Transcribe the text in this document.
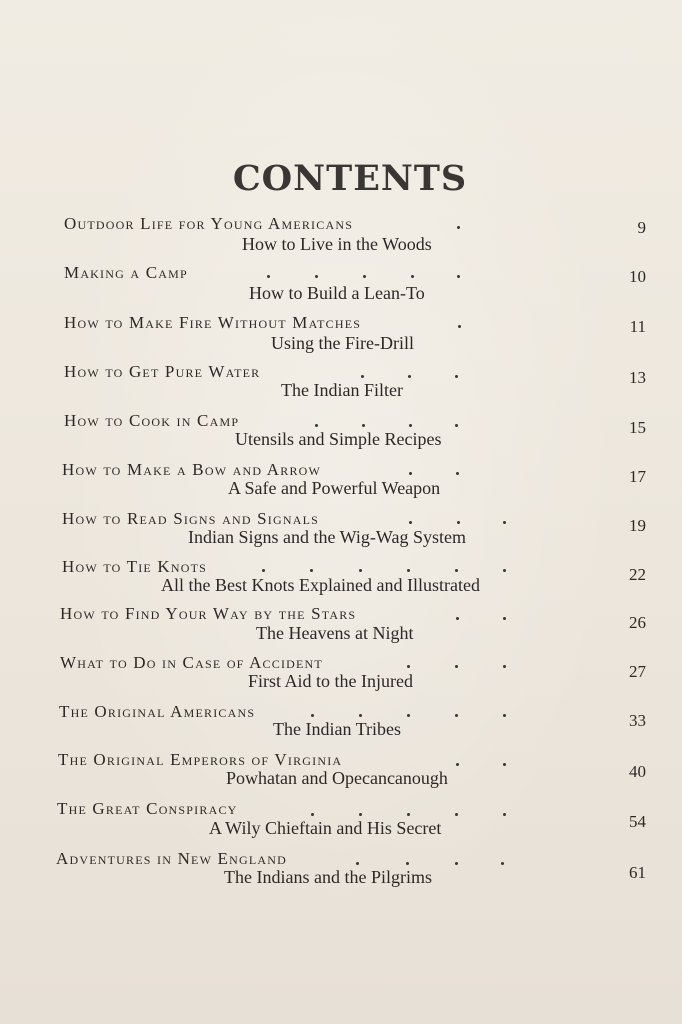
CONTENTS
Outdoor Life for Young Americans
How to Live in the Woods
9
Making a Camp
How to Build a Lean-To
10
How to Make Fire Without Matches
Using the Fire-Drill
11
How to Get Pure Water
The Indian Filter
13
How to Cook in Camp
Utensils and Simple Recipes
15
How to Make a Bow and Arrow
A Safe and Powerful Weapon
17
How to Read Signs and Signals
Indian Signs and the Wig-Wag System
19
How to Tie Knots
All the Best Knots Explained and Illustrated
22
How to Find Your Way by the Stars
The Heavens at Night
26
What to Do in Case of Accident
First Aid to the Injured	27
The Original Americans
The Indian Tribes	33
The Original Emperors of Virginia
Powhatan and Opecancanough	40
The Great Conspiracy
A Wily Chieftain and His Secret	54
Adventures in New England
The Indians and the Pilgrims	61
